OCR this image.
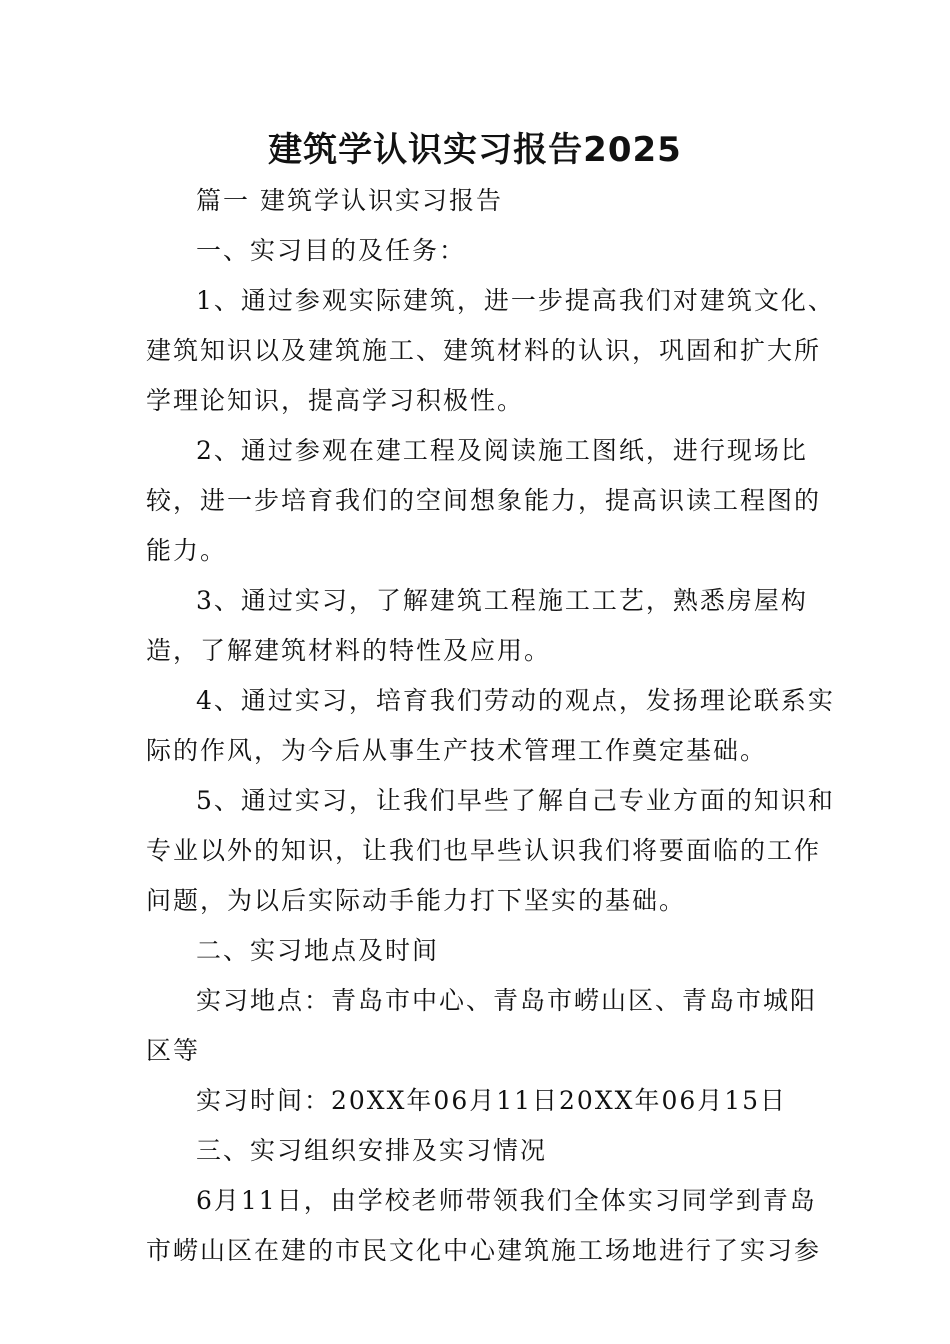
建筑学认识实习报告2025

篇一 建筑学认识实习报告

一、实习目的及任务：

1、通过参观实际建筑，进一步提高我们对建筑文化、建筑知识以及建筑施工、建筑材料的认识，巩固和扩大所学理论知识，提高学习积极性。

2、通过参观在建工程及阅读施工图纸，进行现场比较，进一步培育我们的空间想象能力，提高识读工程图的能力。

3、通过实习，了解建筑工程施工工艺，熟悉房屋构造，了解建筑材料的特性及应用。

4、通过实习，培育我们劳动的观点，发扬理论联系实际的作风，为今后从事生产技术管理工作奠定基础。

5、通过实习，让我们早些了解自己专业方面的知识和专业以外的知识，让我们也早些认识我们将要面临的工作问题，为以后实际动手能力打下坚实的基础。

二、实习地点及时间

实习地点：青岛市中心、青岛市崂山区、青岛市城阳区等

实习时间：20XX年06月11日20XX年06月15日

三、实习组织安排及实习情况

6月11日，由学校老师带领我们全体实习同学到青岛市崂山区在建的市民文化中心建筑施工场地进行了实习参
